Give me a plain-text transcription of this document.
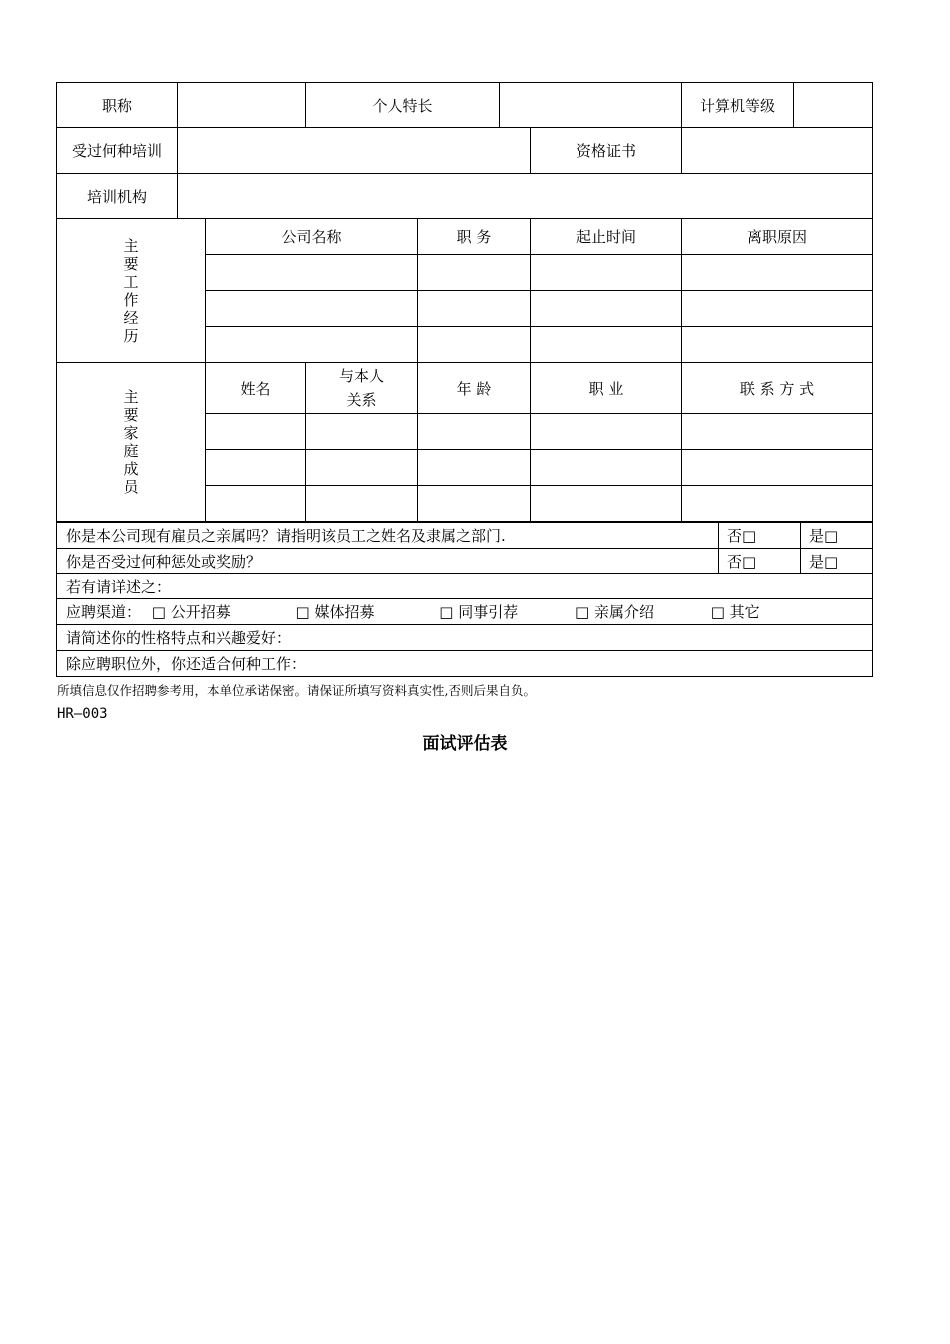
职称			个人特长				计算机等级	
受过何种培训						资格证书		
培训机构								
主要工作经历		公司名称		职 务		起止时间	离职原因	

主要家庭成员		姓名	与本人关系	年 龄		职 业	联 系 方 式	

你是本公司现有雇员之亲属吗？请指明该员工之姓名及隶属之部门.	否□	是□
你是否受过何种惩处或奖励？	否□	是□
若有请详述之：		
应聘渠道： □ 公开招募 □ 媒体招募 □ 同事引荐 □ 亲属介绍 □ 其它		
请简述你的性格特点和兴趣爱好：		
除应聘职位外，你还适合何种工作：		
所填信息仅作招聘参考用，本单位承诺保密。请保证所填写资料真实性,否则后果自负。
HR—003
面试评估表
